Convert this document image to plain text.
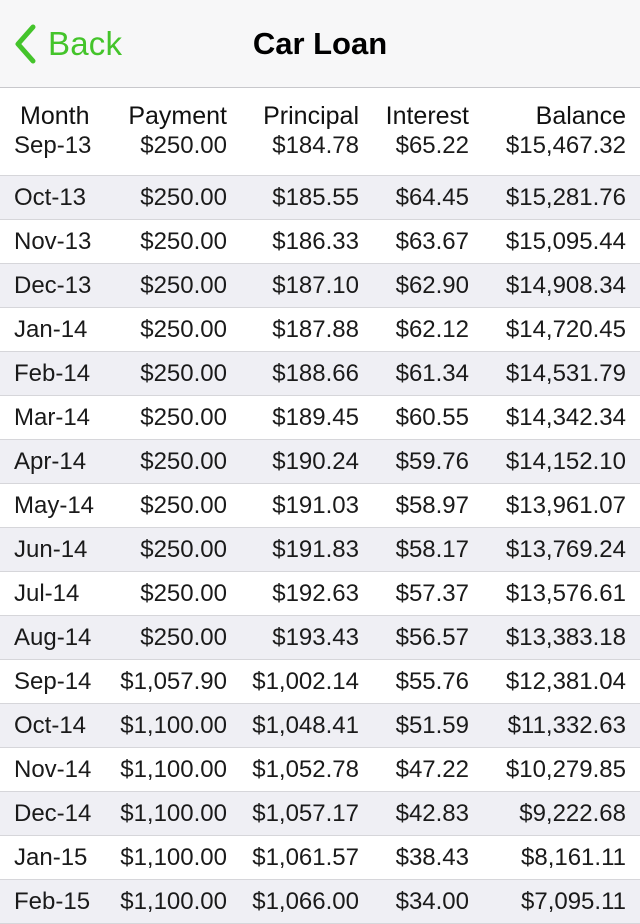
Back	Car Loan
Month Payment Principal Interest	Balance
Sep-13 $250.00 $184.78 $65.22 $15,467.32
Oct-13 $250.00 $185.55 $64.45 $15,281.76
Nov-13 $250.00 $186.33 $63.67 $15,095.44
Dec-13 $250.00 $187.10 $62.90 $14,908.34
Jan-14 $250.00 $187.88 $62.12 $14,720.45
Feb-14 $250.00 $188.66 $61.34 $14,531.79
Mar-14 $250.00 $189.45 $60.55 $14,342.34
Apr-14 $250.00 $190.24 $59.76 $14,152.10
May-14 $250.00 $191.03 $58.97 $13,961.07
Jun-14 $250.00 $191.83 $58.17 $13,769.24
Jul-14	$250.00 $192.63 $57.37 $13,576.61
Aug-14 $250.00 $193.43 $56.57 $13,383.18
Sep-14 $1,057.90 $1,002.14 $55.76 $12,381.04
Oct-14 $1,100.00 $1,048.41 $51.59 $11,332.63
Nov-14 $1,100.00 $1,052.78 $47.22 $10,279.85
Dec-14 $1,100.00 $1,057.17 $42.83 $9,222.68
Jan-15 $1,100.00 $1,061.57 $38.43 $8,161.11
Feb-15 $1,100.00 $1,066.00 $34.00 $7,095.11
